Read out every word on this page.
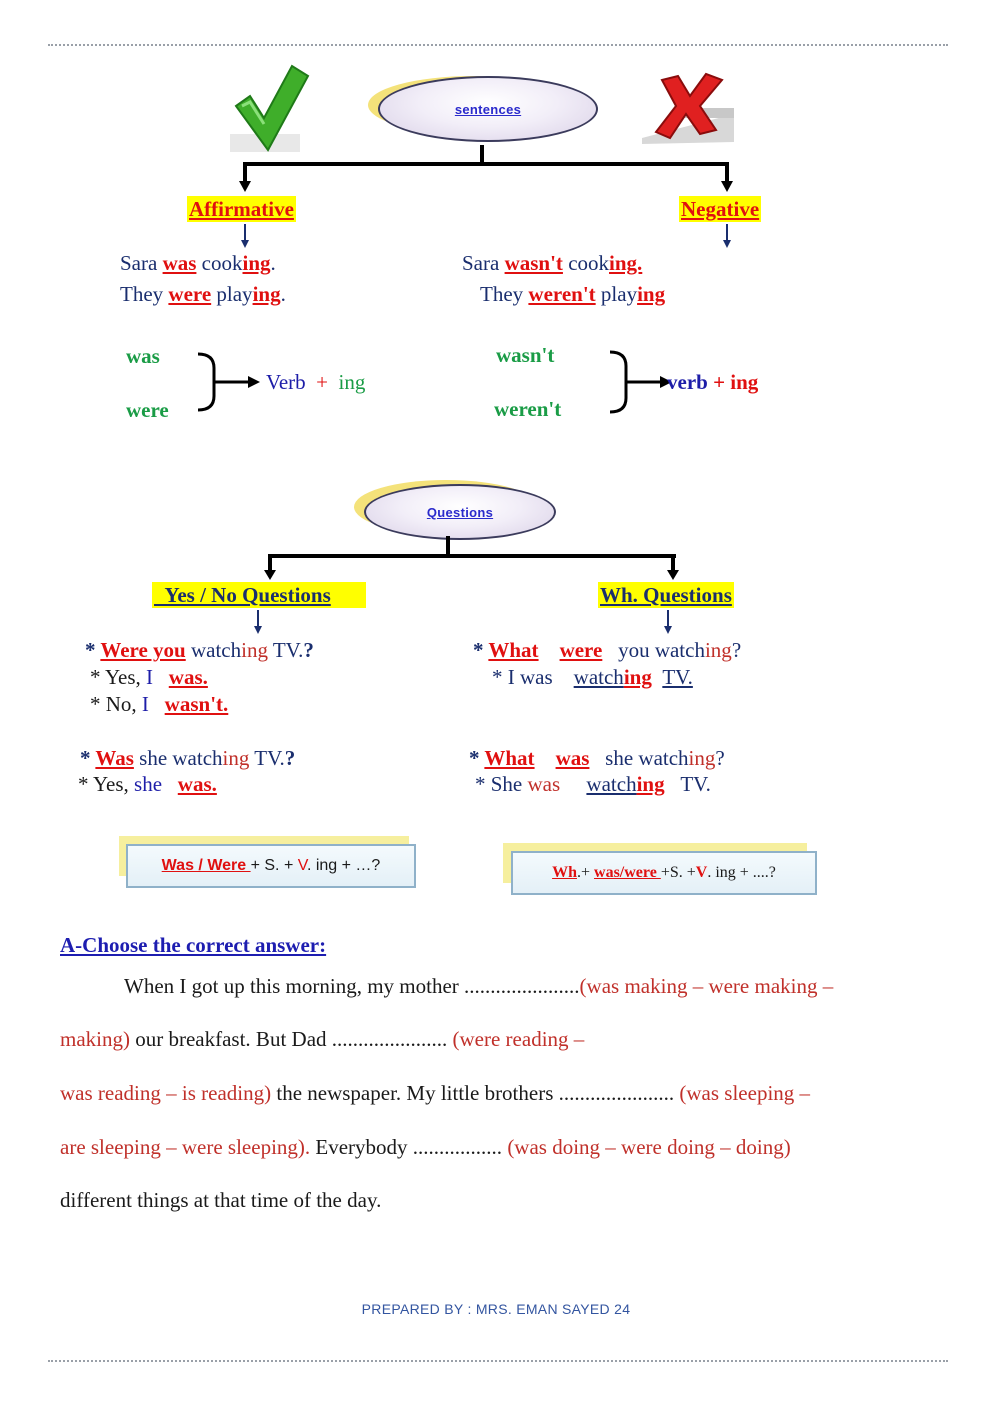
sentences
Affirmative	Negative
Sara was cooking.
They were playing.
Sara wasn't cooking.
They weren't playing
was
were
Verb + ing
wasn't
weren't
verb + ing
Questions
Yes / No Questions	Wh. Questions
* Were you watching TV.?
* Yes, I was.
* No, I wasn't.
* Was she watching TV.?
* Yes, she was.
* What were you watching?
* I was watching TV.
* What was she watching?
* She was watching TV.
Was / Were + S. + V. ing + …?	Wh.+ was/were +S. +V. ing + ....?
A-Choose the correct answer:
When I got up this morning, my mother ......................(was making – were making –
making) our breakfast. But Dad ...................... (were reading –
was reading – is reading) the newspaper. My little brothers ...................... (was sleeping –
are sleeping – were sleeping). Everybody ................. (was doing – were doing – doing)
different things at that time of the day.
PREPARED BY : MRS. EMAN SAYED 24
